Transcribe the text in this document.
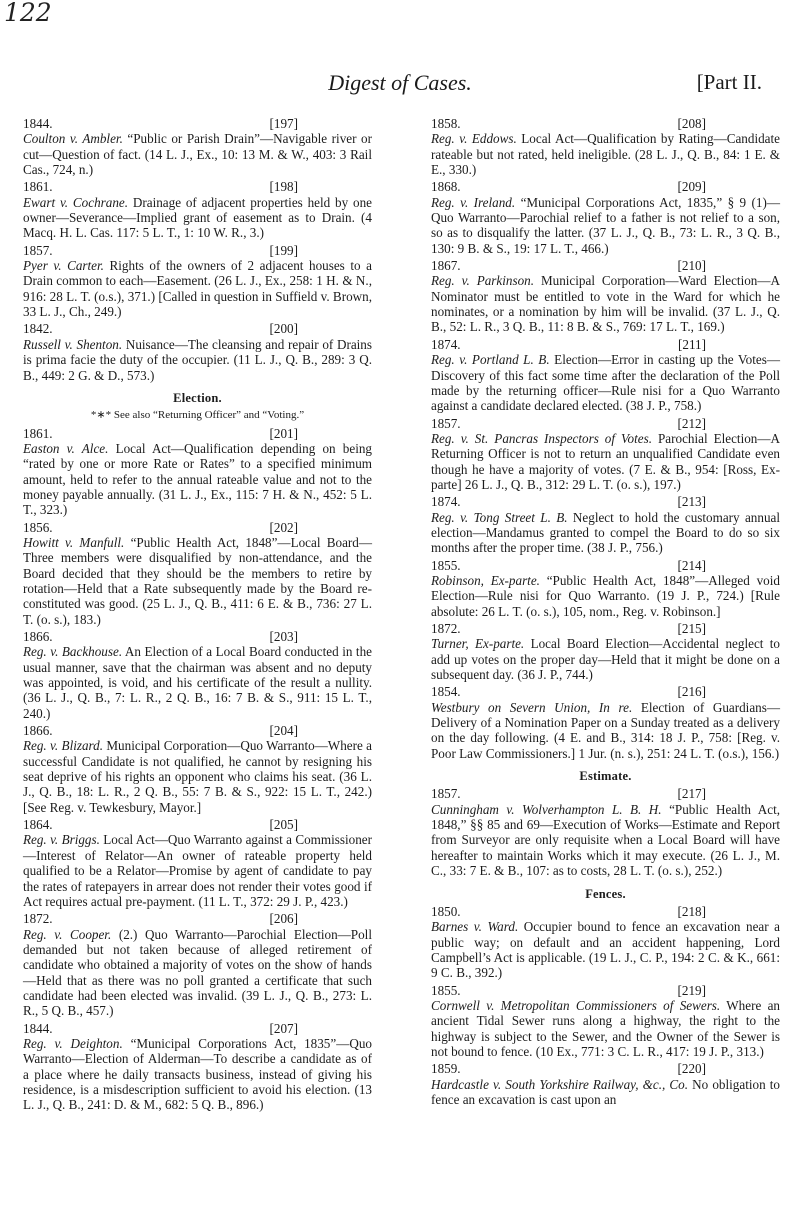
122
Digest of Cases.	[Part II.
1844.	[197]
Coulton v. Ambler. “Public or Parish Drain”—Navigable river or cut—Question of fact. (14 L. J., Ex., 10: 13 M. & W., 403: 3 Rail Cas., 724, n.)
1861.	[198]
Ewart v. Cochrane. Drainage of adjacent properties held by one owner—Severance—Implied grant of easement as to Drain. (4 Macq. H. L. Cas. 117: 5 L. T., 1: 10 W. R., 3.)
1857.	[199]
Pyer v. Carter. Rights of the owners of 2 adjacent houses to a Drain common to each—Easement. (26 L. J., Ex., 258: 1 H. & N., 916: 28 L. T. (o.s.), 371.) [Called in question in Suffield v. Brown, 33 L. J., Ch., 249.)
1842.	[200]
Russell v. Shenton. Nuisance—The cleansing and repair of Drains is prima facie the duty of the occupier. (11 L. J., Q. B., 289: 3 Q. B., 449: 2 G. & D., 573.)
Election.
*∗* See also “Returning Officer” and “Voting.”
1861.	[201]
Easton v. Alce. Local Act—Qualification depending on being “rated by one or more Rate or Rates” to a specified minimum amount, held to refer to the annual rateable value and not to the money payable annually. (31 L. J., Ex., 115: 7 H. & N., 452: 5 L. T., 323.)
1856.	[202]
Howitt v. Manfull. “Public Health Act, 1848”—Local Board—Three members were disqualified by non-attendance, and the Board decided that they should be the members to retire by rotation—Held that a Rate subsequently made by the Board re-constituted was good. (25 L. J., Q. B., 411: 6 E. & B., 736: 27 L. T. (o. s.), 183.)
1866.	[203]
Reg. v. Backhouse. An Election of a Local Board conducted in the usual manner, save that the chairman was absent and no deputy was appointed, is void, and his certificate of the result a nullity. (36 L. J., Q. B., 7: L. R., 2 Q. B., 16: 7 B. & S., 911: 15 L. T., 240.)
1866.	[204]
Reg. v. Blizard. Municipal Corporation—Quo Warranto—Where a successful Candidate is not qualified, he cannot by resigning his seat deprive of his rights an opponent who claims his seat. (36 L. J., Q. B., 18: L. R., 2 Q. B., 55: 7 B. & S., 922: 15 L. T., 242.) [See Reg. v. Tewkesbury, Mayor.]
1864.	[205]
Reg. v. Briggs. Local Act—Quo Warranto against a Commissioner—Interest of Relator—An owner of rateable property held qualified to be a Relator—Promise by agent of candidate to pay the rates of ratepayers in arrear does not render their votes good if Act requires actual pre-payment. (11 L. T., 372: 29 J. P., 423.)
1872.	[206]
Reg. v. Cooper. (2.) Quo Warranto—Parochial Election—Poll demanded but not taken because of alleged retirement of candidate who obtained a majority of votes on the show of hands—Held that as there was no poll granted a certificate that such candidate had been elected was invalid. (39 L. J., Q. B., 273: L. R., 5 Q. B., 457.)
1844.	[207]
Reg. v. Deighton. “Municipal Corporations Act, 1835”—Quo Warranto—Election of Alderman—To describe a candidate as of a place where he daily transacts business, instead of giving his residence, is a misdescription sufficient to avoid his election. (13 L. J., Q. B., 241: D. & M., 682: 5 Q. B., 896.)
1858.	[208]
Reg. v. Eddows. Local Act—Qualification by Rating—Candidate rateable but not rated, held ineligible. (28 L. J., Q. B., 84: 1 E. & E., 330.)
1868.	[209]
Reg. v. Ireland. “Municipal Corporations Act, 1835,” § 9 (1)—Quo Warranto—Parochial relief to a father is not relief to a son, so as to disqualify the latter. (37 L. J., Q. B., 73: L. R., 3 Q. B., 130: 9 B. & S., 19: 17 L. T., 466.)
1867.	[210]
Reg. v. Parkinson. Municipal Corporation—Ward Election—A Nominator must be entitled to vote in the Ward for which he nominates, or a nomination by him will be invalid. (37 L. J., Q. B., 52: L. R., 3 Q. B., 11: 8 B. & S., 769: 17 L. T., 169.)
1874.	[211]
Reg. v. Portland L. B. Election—Error in casting up the Votes—Discovery of this fact some time after the declaration of the Poll made by the returning officer—Rule nisi for a Quo Warranto against a candidate declared elected. (38 J. P., 758.)
1857.	[212]
Reg. v. St. Pancras Inspectors of Votes. Parochial Election—A Returning Officer is not to return an unqualified Candidate even though he have a majority of votes. (7 E. & B., 954: [Ross, Ex-parte] 26 L. J., Q. B., 312: 29 L. T. (o. s.), 197.)
1874.	[213]
Reg. v. Tong Street L. B. Neglect to hold the customary annual election—Mandamus granted to compel the Board to do so six months after the proper time. (38 J. P., 756.)
1855.	[214]
Robinson, Ex-parte. “Public Health Act, 1848”—Alleged void Election—Rule nisi for Quo Warranto. (19 J. P., 724.) [Rule absolute: 26 L. T. (o. s.), 105, nom., Reg. v. Robinson.]
1872.	[215]
Turner, Ex-parte. Local Board Election—Accidental neglect to add up votes on the proper day—Held that it might be done on a subsequent day. (36 J. P., 744.)
1854.	[216]
Westbury on Severn Union, In re. Election of Guardians—Delivery of a Nomination Paper on a Sunday treated as a delivery on the day following. (4 E. and B., 314: 18 J. P., 758: [Reg. v. Poor Law Commissioners.] 1 Jur. (n. s.), 251: 24 L. T. (o.s.), 156.)
Estimate.
1857.	[217]
Cunningham v. Wolverhampton L. B. H. “Public Health Act, 1848,” §§ 85 and 69—Execution of Works—Estimate and Report from Surveyor are only requisite when a Local Board will have hereafter to maintain Works which it may execute. (26 L. J., M. C., 33: 7 E. & B., 107: as to costs, 28 L. T. (o. s.), 252.)
Fences.
1850.	[218]
Barnes v. Ward. Occupier bound to fence an excavation near a public way; on default and an accident happening, Lord Campbell’s Act is applicable. (19 L. J., C. P., 194: 2 C. & K., 661: 9 C. B., 392.)
1855.	[219]
Cornwell v. Metropolitan Commissioners of Sewers. Where an ancient Tidal Sewer runs along a highway, the right to the highway is subject to the Sewer, and the Owner of the Sewer is not bound to fence. (10 Ex., 771: 3 C. L. R., 417: 19 J. P., 313.)
1859.	[220]
Hardcastle v. South Yorkshire Railway, &c., Co. No obligation to fence an excavation is cast upon an
